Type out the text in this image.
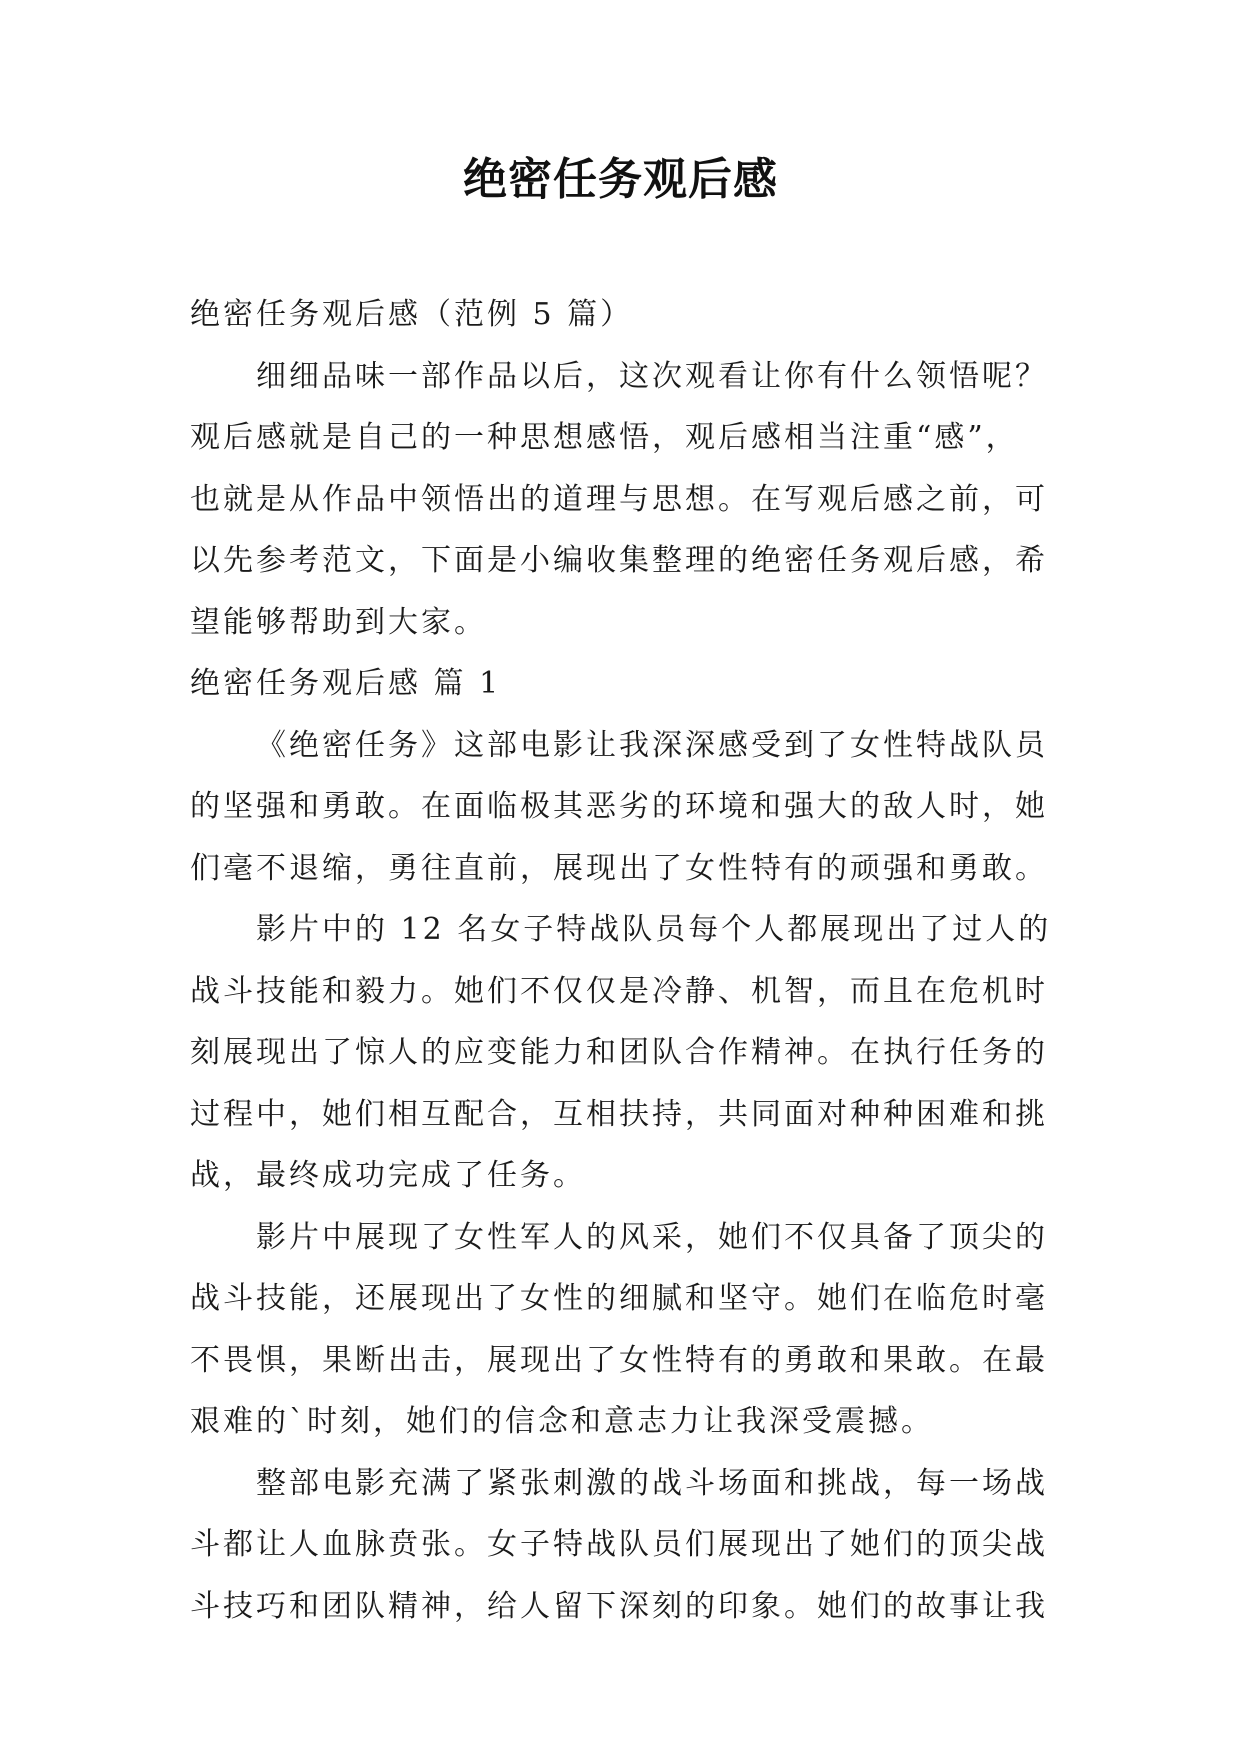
绝密任务观后感
绝密任务观后感（范例 5 篇）
细细品味一部作品以后，这次观看让你有什么领悟呢？
观后感就是自己的一种思想感悟，观后感相当注重“感”，
也就是从作品中领悟出的道理与思想。在写观后感之前，可
以先参考范文，下面是小编收集整理的绝密任务观后感，希
望能够帮助到大家。
绝密任务观后感 篇 1
《绝密任务》这部电影让我深深感受到了女性特战队员
的坚强和勇敢。在面临极其恶劣的环境和强大的敌人时，她
们毫不退缩，勇往直前，展现出了女性特有的顽强和勇敢。
影片中的 12 名女子特战队员每个人都展现出了过人的
战斗技能和毅力。她们不仅仅是冷静、机智，而且在危机时
刻展现出了惊人的应变能力和团队合作精神。在执行任务的
过程中，她们相互配合，互相扶持，共同面对种种困难和挑
战，最终成功完成了任务。
影片中展现了女性军人的风采，她们不仅具备了顶尖的
战斗技能，还展现出了女性的细腻和坚守。她们在临危时毫
不畏惧，果断出击，展现出了女性特有的勇敢和果敢。在最
艰难的`时刻，她们的信念和意志力让我深受震撼。
整部电影充满了紧张刺激的战斗场面和挑战，每一场战
斗都让人血脉贲张。女子特战队员们展现出了她们的顶尖战
斗技巧和团队精神，给人留下深刻的印象。她们的故事让我
